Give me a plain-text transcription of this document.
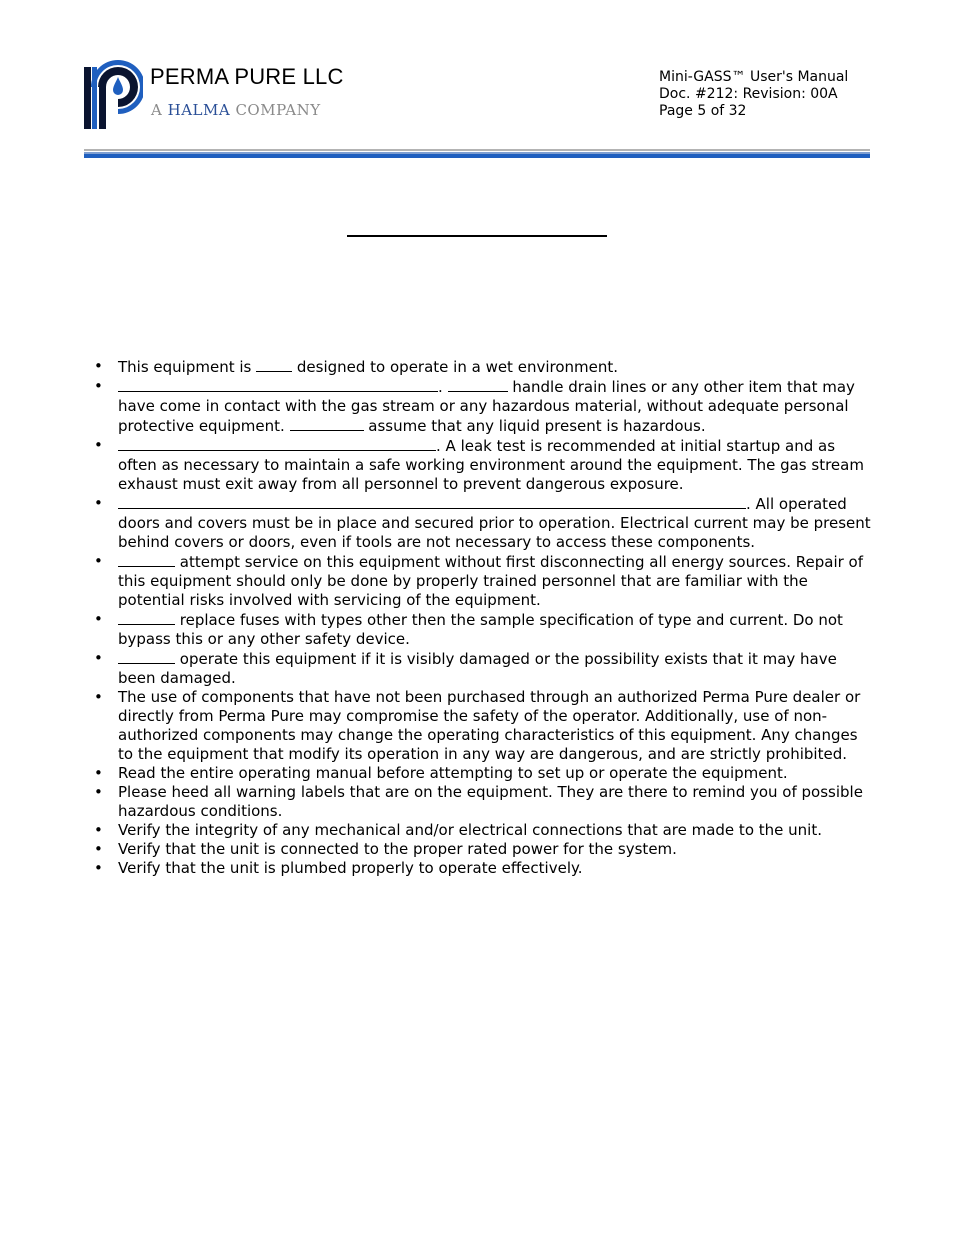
PERMA PURE LLC
A HALMA COMPANY
Mini-GASS™ User's Manual
Doc. #212: Revision: 00A
Page 5 of 32
• This equipment is  designed to operate in a wet environment.
• .	handle drain lines or any other item that may have come in contact with the gas stream or any hazardous material, without adequate personal protective equipment.	assume that any liquid present is hazardous.
• . A leak test is recommended at initial startup and as often as necessary to maintain a safe working environment around the equipment. The gas stream exhaust must exit away from all personnel to prevent dangerous exposure.
• . All operated doors and covers must be in place and secured prior to operation. Electrical current may be present behind covers or doors, even if tools are not necessary to access these components.
• attempt service on this equipment without first disconnecting all energy sources. Repair of this equipment should only be done by properly trained personnel that are familiar with the potential risks involved with servicing of the equipment.
• replace fuses with types other then the sample specification of type and current. Do not bypass this or any other safety device.
• operate this equipment if it is visibly damaged or the possibility exists that it may have been damaged.
• The use of components that have not been purchased through an authorized Perma Pure dealer or directly from Perma Pure may compromise the safety of the operator. Additionally, use of non-authorized components may change the operating characteristics of this equipment. Any changes to the equipment that modify its operation in any way are dangerous, and are strictly prohibited.
• Read the entire operating manual before attempting to set up or operate the equipment.
• Please heed all warning labels that are on the equipment. They are there to remind you of possible hazardous conditions.
• Verify the integrity of any mechanical and/or electrical connections that are made to the unit.
• Verify that the unit is connected to the proper rated power for the system.
• Verify that the unit is plumbed properly to operate effectively.
